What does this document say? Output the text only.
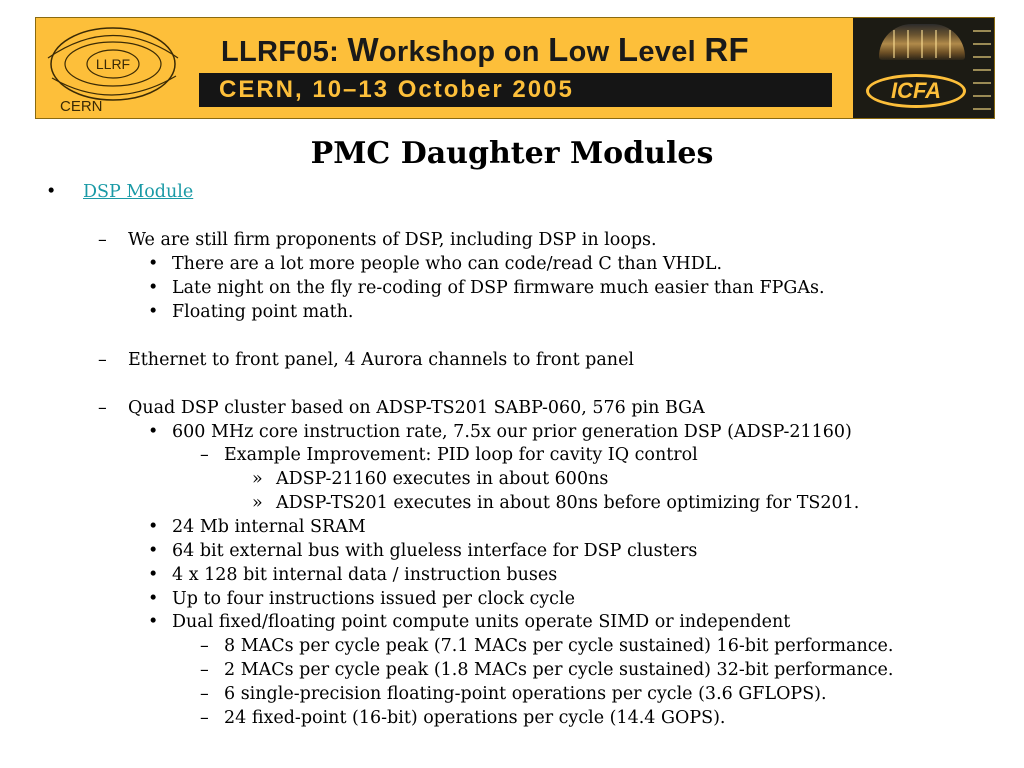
LLRF
CERN
LLRF05: Workshop on Low Level RF
CERN, 10–13 October 2005	ICFA
PMC Daughter Modules
• DSP Module
– We are still firm proponents of DSP, including DSP in loops.
• There are a lot more people who can code/read C than VHDL.
• Late night on the fly re-coding of DSP firmware much easier than FPGAs.
• Floating point math.
– Ethernet to front panel, 4 Aurora channels to front panel
– Quad DSP cluster based on ADSP-TS201 SABP-060, 576 pin BGA
• 600 MHz core instruction rate, 7.5x our prior generation DSP (ADSP-21160)
– Example Improvement: PID loop for cavity IQ control
» ADSP-21160 executes in about 600ns
» ADSP-TS201 executes in about 80ns before optimizing for TS201.
• 24 Mb internal SRAM
• 64 bit external bus with glueless interface for DSP clusters
• 4 x 128 bit internal data / instruction buses
• Up to four instructions issued per clock cycle
• Dual fixed/floating point compute units operate SIMD or independent
– 8 MACs per cycle peak (7.1 MACs per cycle sustained) 16-bit performance.
– 2 MACs per cycle peak (1.8 MACs per cycle sustained) 32-bit performance.
– 6 single-precision floating-point operations per cycle (3.6 GFLOPS).
– 24 fixed-point (16-bit) operations per cycle (14.4 GOPS).
